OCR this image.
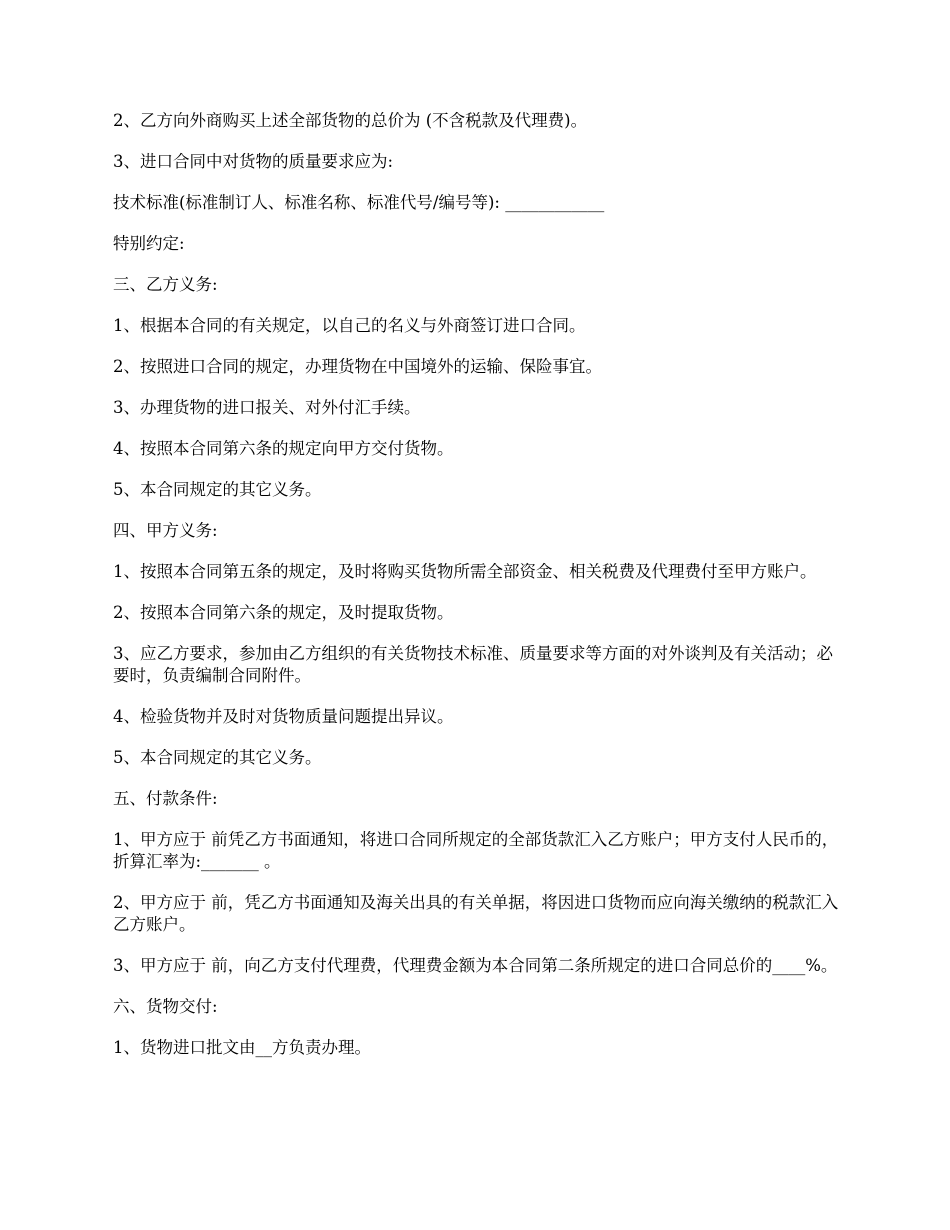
2、乙方向外商购买上述全部货物的总价为 (不含税款及代理费)。

3、进口合同中对货物的质量要求应为:

技术标准(标准制订人、标准名称、标准代号/编号等): ____________

特别约定:

三、乙方义务:

1、根据本合同的有关规定，以自己的名义与外商签订进口合同。

2、按照进口合同的规定，办理货物在中国境外的运输、保险事宜。

3、办理货物的进口报关、对外付汇手续。

4、按照本合同第六条的规定向甲方交付货物。

5、本合同规定的其它义务。

四、甲方义务:

1、按照本合同第五条的规定，及时将购买货物所需全部资金、相关税费及代理费付至甲方账户。

2、按照本合同第六条的规定，及时提取货物。

3、应乙方要求，参加由乙方组织的有关货物技术标准、质量要求等方面的对外谈判及有关活动；必要时，负责编制合同附件。

4、检验货物并及时对货物质量问题提出异议。

5、本合同规定的其它义务。

五、付款条件:

1、甲方应于 前凭乙方书面通知，将进口合同所规定的全部货款汇入乙方账户；甲方支付人民币的，折算汇率为:_______ 。

2、甲方应于 前，凭乙方书面通知及海关出具的有关单据，将因进口货物而应向海关缴纳的税款汇入乙方账户。

3、甲方应于 前，向乙方支付代理费，代理费金额为本合同第二条所规定的进口合同总价的____%。

六、货物交付:

1、货物进口批文由__方负责办理。
